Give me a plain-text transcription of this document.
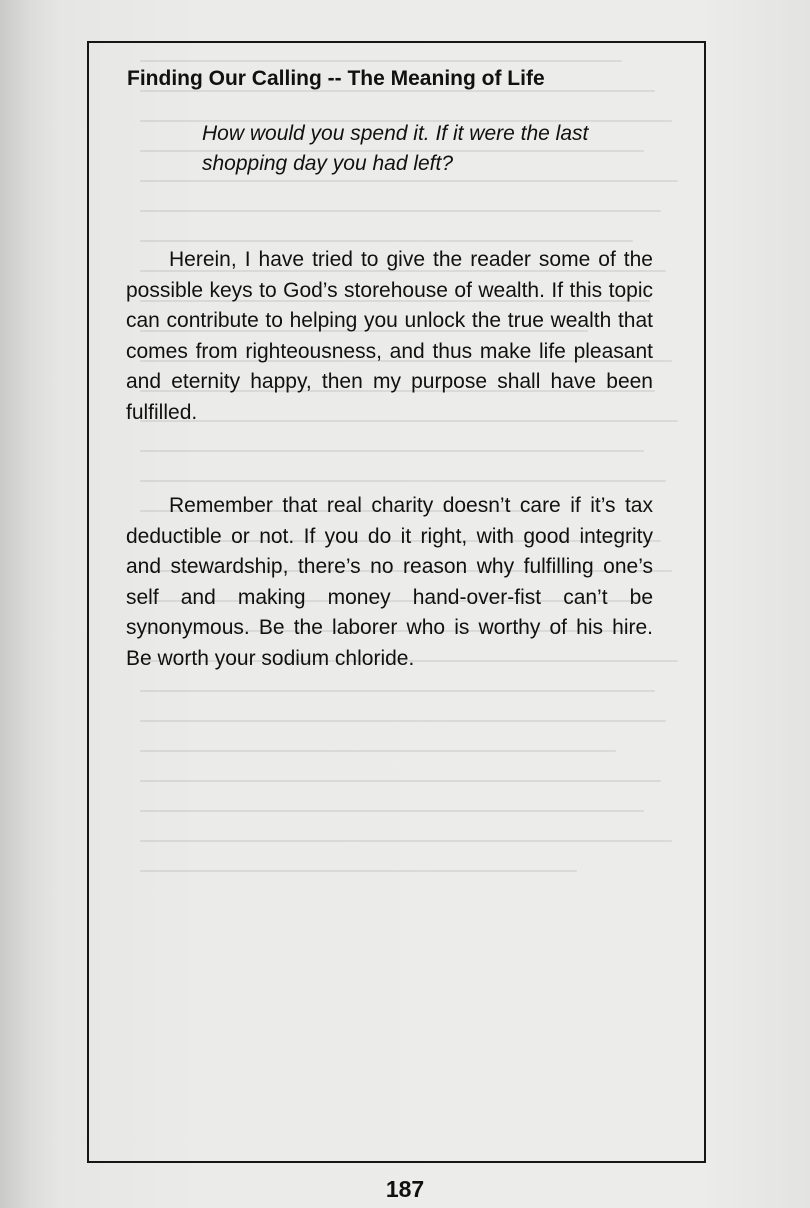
Finding Our Calling -- The Meaning of Life

How would you spend it. If it were the last shopping day you had left?

Herein, I have tried to give the reader some of the possible keys to God’s storehouse of wealth. If this topic can contribute to helping you unlock the true wealth that comes from righteousness, and thus make life pleasant and eternity happy, then my purpose shall have been fulfilled.

Remember that real charity doesn’t care if it’s tax deductible or not. If you do it right, with good integrity and stewardship, there’s no reason why fulfilling one’s self and making money hand-over-fist can’t be synonymous. Be the laborer who is worthy of his hire. Be worth your sodium chloride.

187
